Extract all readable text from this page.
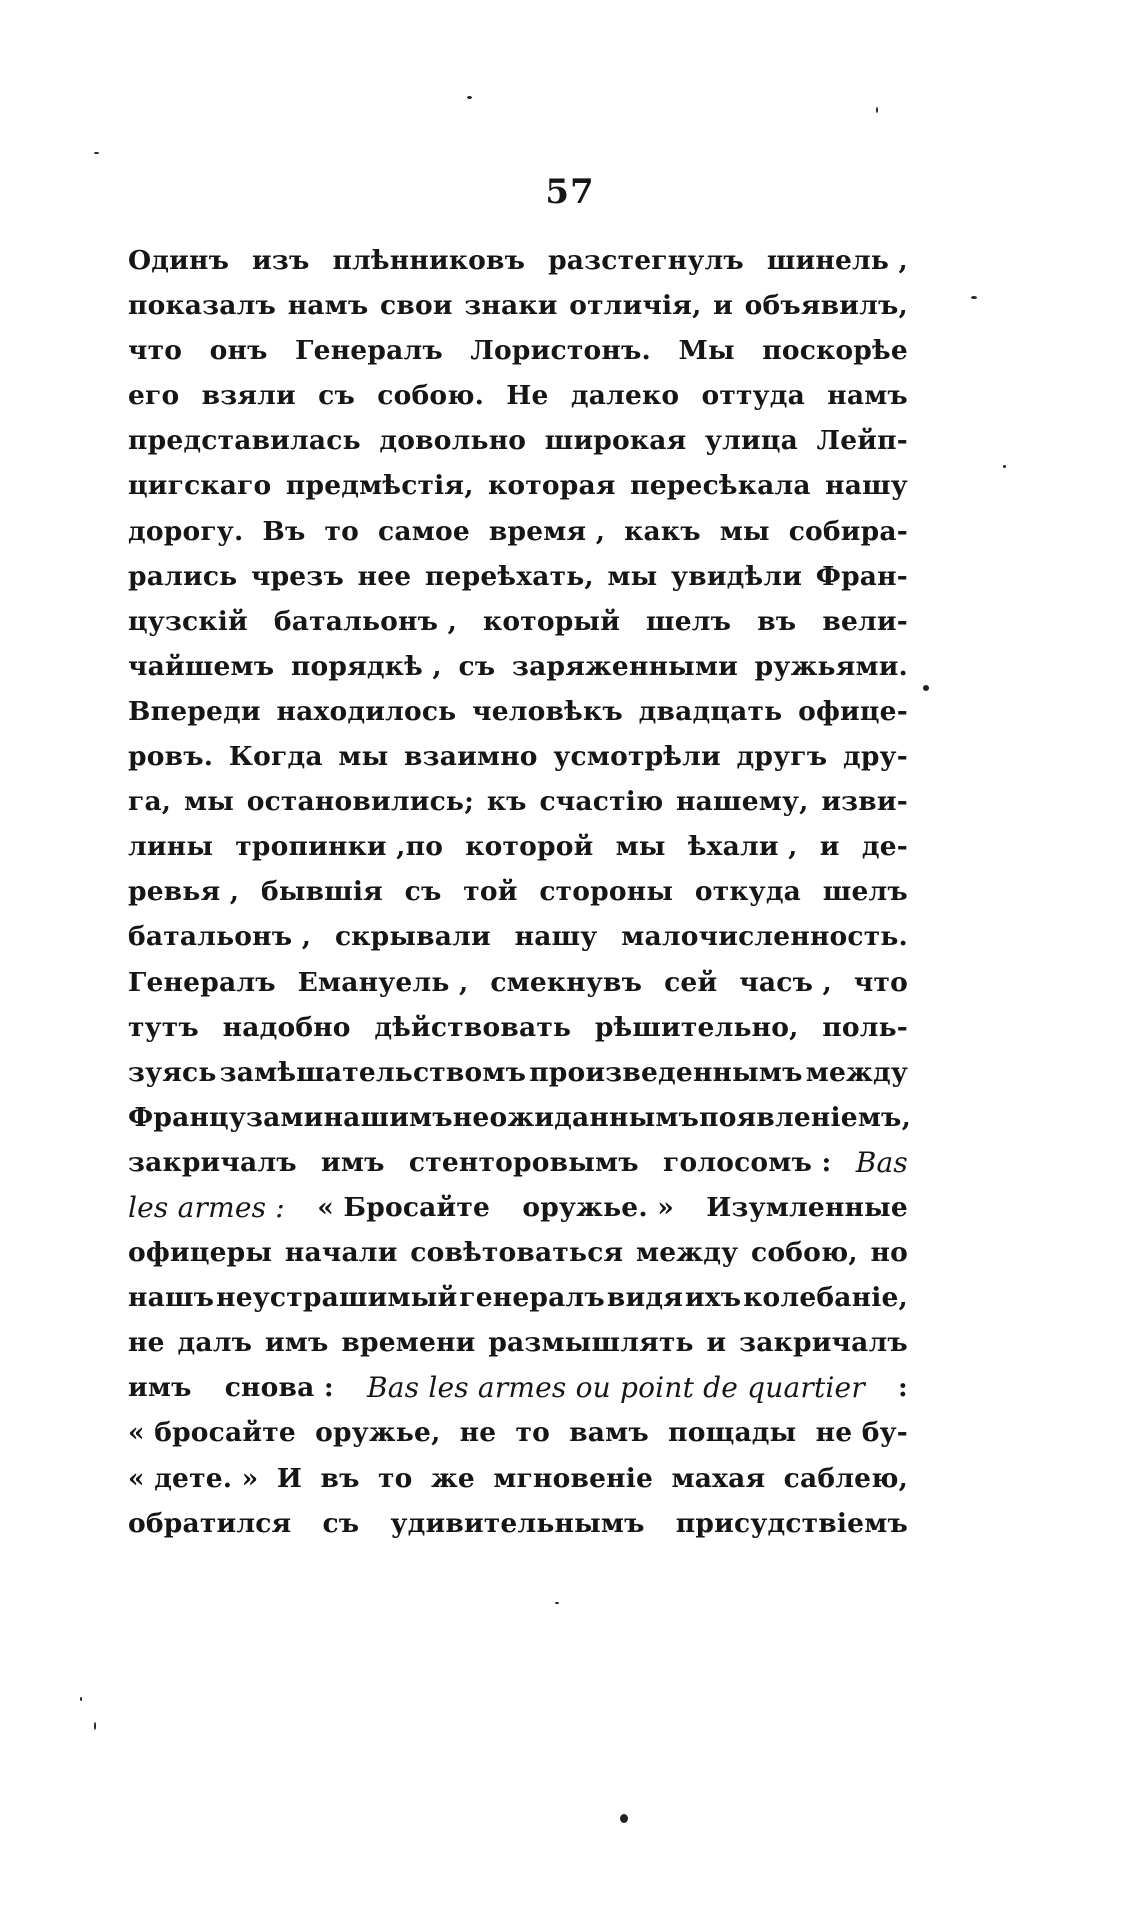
57
Одинъ изъ плѣнниковъ разстегнулъ шинель ,
показалъ намъ свои знаки отличія, и объявилъ,
что онъ Генералъ Лористонъ. Мы поскорѣе
его взяли съ собою. Не далеко оттуда намъ
представилась довольно широкая улица Лейп-
цигскаго предмѣстія, которая пересѣкала нашу
дорогу. Въ то самое время , какъ мы собира-
рались чрезъ нее переѣхать, мы увидѣли Фран-
цузскій батальонъ , который шелъ въ вели-
чайшемъ порядкѣ , съ заряженными ружьями.
Впереди находилось человѣкъ двадцать офице-
ровъ. Когда мы взаимно усмотрѣли другъ дру-
га, мы остановились; къ счастію нашему, изви-
лины тропинки ,по которой мы ѣхали , и де-
ревья , бывшія съ той стороны откуда шелъ
батальонъ , скрывали нашу малочисленность.
Генералъ Емануель , смекнувъ сей часъ , что
тутъ надобно дѣйствовать рѣшительно, поль-
зуясь замѣшательствомъ произведеннымъ между
Французами нашимъ неожиданнымъ появленіемъ,
закричалъ имъ стенторовымъ голосомъ : Bas
les armes : « Бросайте оружье. » Изумленные
офицеры начали совѣтоваться между собою, но
нашъ неустрашимый генералъ видя ихъ колебаніе,
не далъ имъ времени размышлять и закричалъ
имъ снова : Bas les armes ou point de quartier :
« бросайте оружье, не то вамъ пощады не бу-
« дете. » И въ то же мгновеніе махая саблею,
обратился съ удивительнымъ присудствіемъ
